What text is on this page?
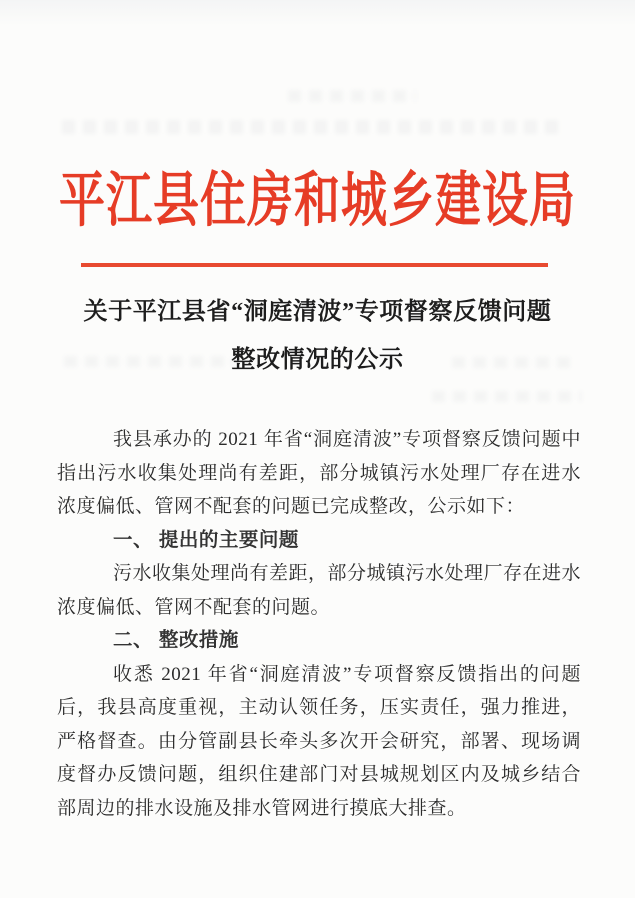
平江县住房和城乡建设局
关于平江县省“洞庭清波”专项督察反馈问题
整改情况的公示

我县承办的 2021 年省“洞庭清波”专项督察反馈问题中指出污水收集处理尚有差距，部分城镇污水处理厂存在进水浓度偏低、管网不配套的问题已完成整改，公示如下：

一、 提出的主要问题

污水收集处理尚有差距，部分城镇污水处理厂存在进水浓度偏低、管网不配套的问题。

二、 整改措施

收悉 2021 年省“洞庭清波”专项督察反馈指出的问题后，我县高度重视，主动认领任务，压实责任，强力推进，严格督查。由分管副县长牵头多次开会研究，部署、现场调度督办反馈问题，组织住建部门对县城规划区内及城乡结合部周边的排水设施及排水管网进行摸底大排查。
